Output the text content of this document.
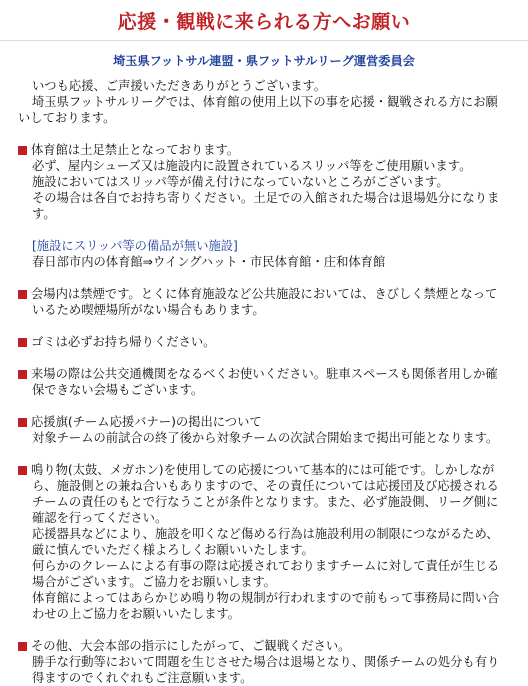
応援・観戦に来られる方へお願い
埼玉県フットサル連盟・県フットサルリーグ運営委員会

いつも応援、ご声援いただきありがとうございます。

埼玉県フットサルリーグでは、体育館の使用上以下の事を応援・観戦される方にお願

いしております。

体育館は土足禁止となっております。

必ず、屋内シューズ又は施設内に設置されているスリッパ等をご使用願います。

施設においてはスリッパ等が備え付けになっていないところがございます。

その場合は各自でお持ち寄りください。土足での入館された場合は退場処分になります。

[施設にスリッパ等の備品が無い施設]

春日部市内の体育館⇒ウイングハット・市民体育館・庄和体育館

会場内は禁煙です。とくに体育施設など公共施設においては、きびしく禁煙となって

いるため喫煙場所がない場合もあります。

ゴミは必ずお持ち帰りください。
来場の際は公共交通機関をなるべくお使いください。駐車スペースも関係者用しか確

保できない会場もございます。

応援旗(チーム応援バナー)の掲出について

対象チームの前試合の終了後から対象チームの次試合開始まで掲出可能となります。

鳴り物(太鼓、メガホン)を使用しての応援について基本的には可能です。しかしなが

ら、施設側との兼ね合いもありますので、その責任については応援団及び応援される

チームの責任のもとで行なうことが条件となります。また、必ず施設側、リーグ側に

確認を行ってください。

応援器具などにより、施設を叩くなど傷める行為は施設利用の制限につながるため、

厳に慎んでいただく様よろしくお願いいたします。

何らかのクレームによる有事の際は応援されておりますチームに対して責任が生じる

場合がございます。ご協力をお願いします。

体育館によってはあらかじめ鳴り物の規制が行われますので前もって事務局に問い合

わせの上ご協力をお願いいたします。

その他、大会本部の指示にしたがって、ご観戦ください。

勝手な行動等において問題を生じさせた場合は退場となり、関係チームの処分も有り

得ますのでくれぐれもご注意願います。
